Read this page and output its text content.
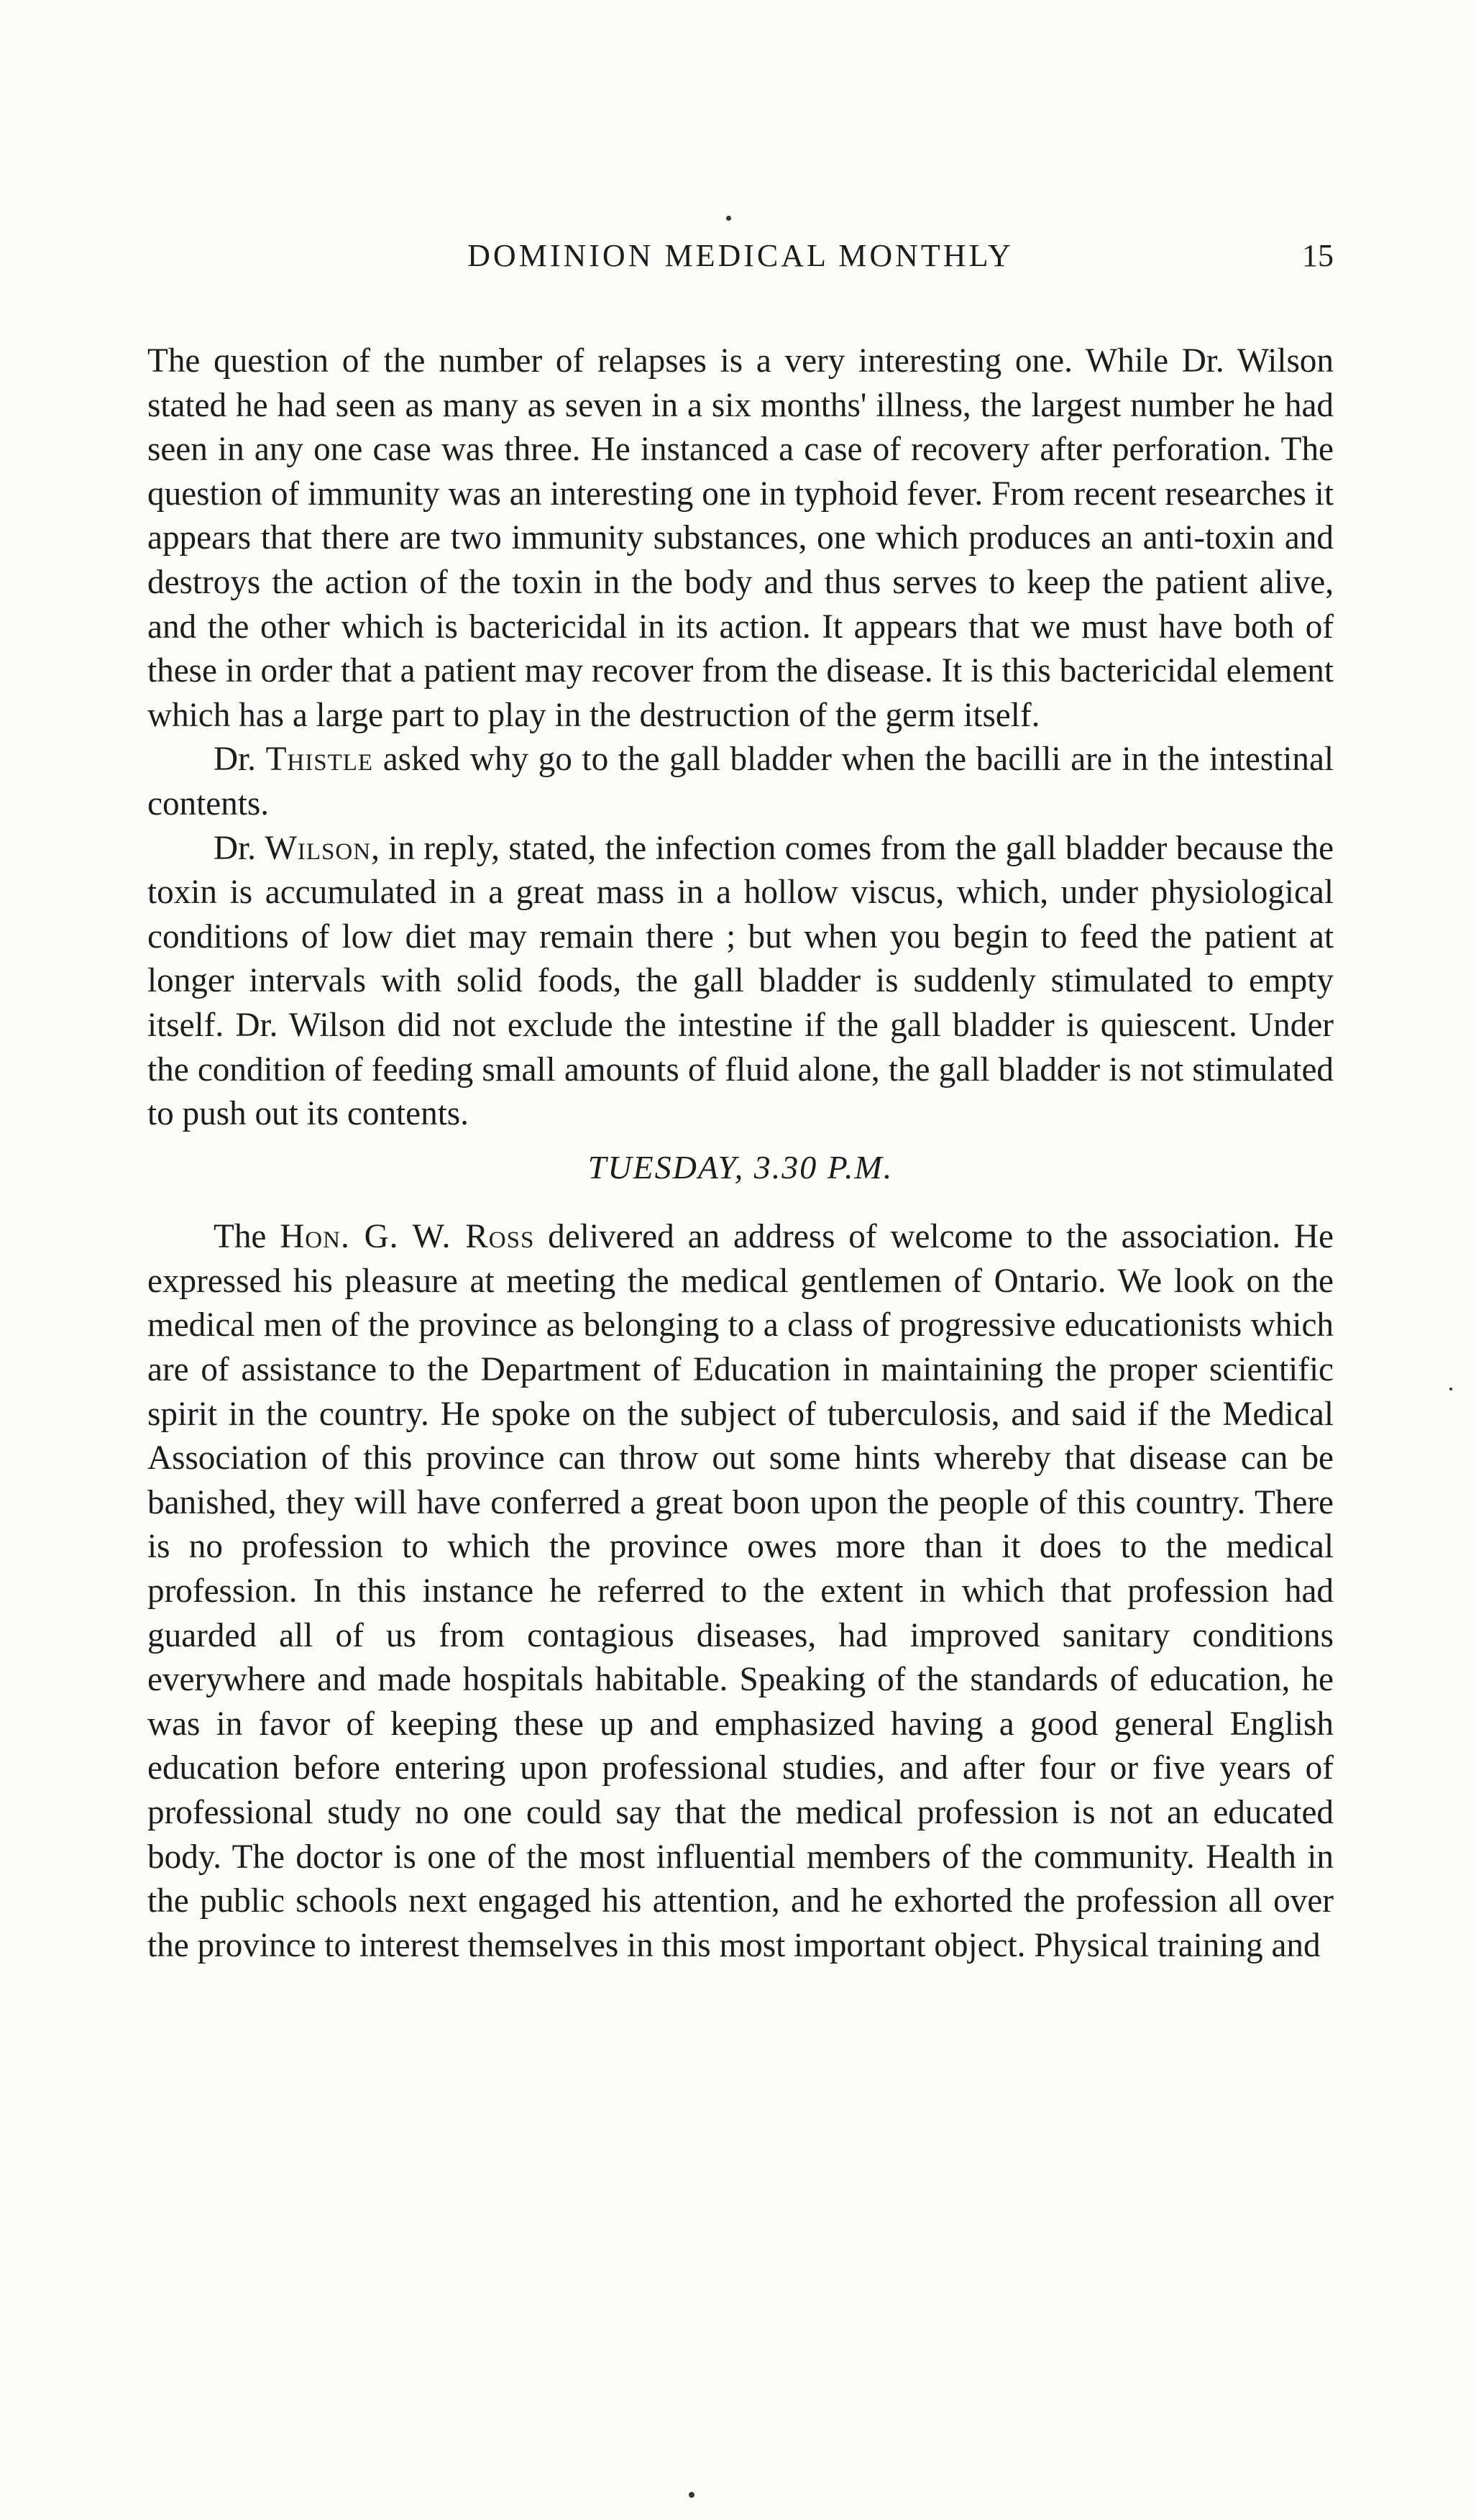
DOMINION MEDICAL MONTHLY	15

The question of the number of relapses is a very interesting one. While Dr. Wilson stated he had seen as many as seven in a six months' illness, the largest number he had seen in any one case was three. He instanced a case of recovery after perforation. The question of immunity was an interesting one in typhoid fever. From recent researches it appears that there are two immunity substances, one which produces an anti-toxin and destroys the action of the toxin in the body and thus serves to keep the patient alive, and the other which is bactericidal in its action. It appears that we must have both of these in order that a patient may recover from the disease. It is this bactericidal element which has a large part to play in the destruction of the germ itself.

Dr. Thistle asked why go to the gall bladder when the bacilli are in the intestinal contents.

Dr. Wilson, in reply, stated, the infection comes from the gall bladder because the toxin is accumulated in a great mass in a hollow viscus, which, under physiological conditions of low diet may remain there ; but when you begin to feed the patient at longer intervals with solid foods, the gall bladder is suddenly stimulated to empty itself. Dr. Wilson did not exclude the intestine if the gall bladder is quiescent. Under the condition of feeding small amounts of fluid alone, the gall bladder is not stimulated to push out its contents.

TUESDAY, 3.30 P.M.

The Hon. G. W. Ross delivered an address of welcome to the association. He expressed his pleasure at meeting the medical gentlemen of Ontario. We look on the medical men of the province as belonging to a class of progressive educationists which are of assistance to the Department of Education in maintaining the proper scientific spirit in the country. He spoke on the subject of tuberculosis, and said if the Medical Association of this province can throw out some hints whereby that disease can be banished, they will have conferred a great boon upon the people of this country. There is no profession to which the province owes more than it does to the medical profession. In this instance he referred to the extent in which that profession had guarded all of us from contagious diseases, had improved sanitary conditions everywhere and made hospitals habitable. Speaking of the standards of education, he was in favor of keeping these up and emphasized having a good general English education before entering upon professional studies, and after four or five years of professional study no one could say that the medical profession is not an educated body. The doctor is one of the most influential members of the community. Health in the public schools next engaged his attention, and he exhorted the profession all over the province to interest themselves in this most important object. Physical training and
